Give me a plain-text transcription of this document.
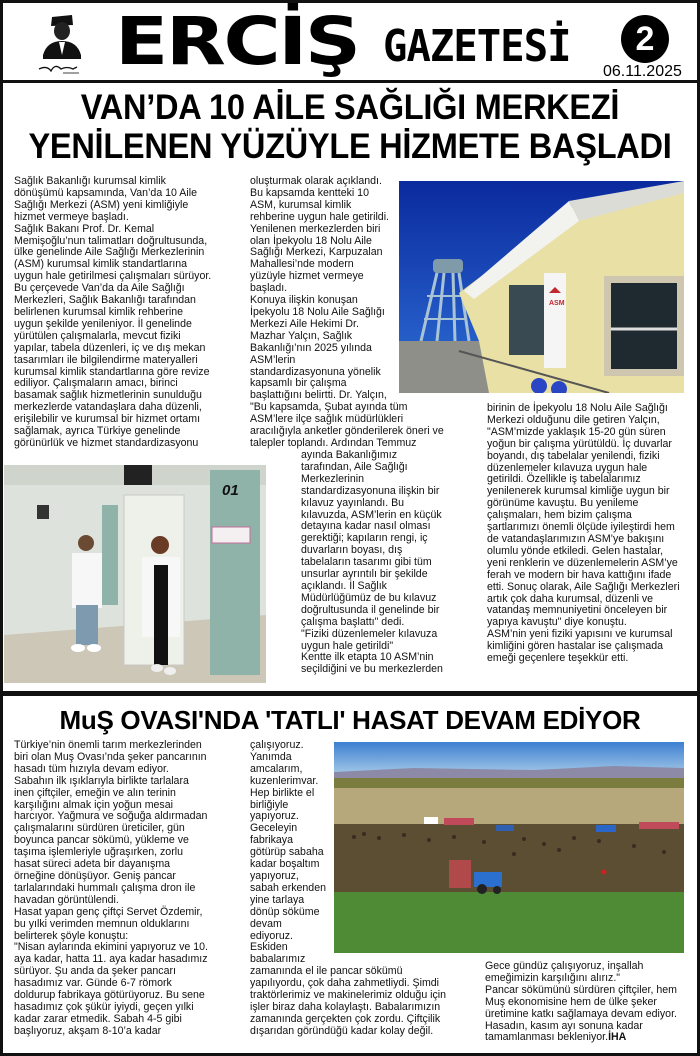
ERCİŞ GAZETESİ	2
06.11.2025
VAN’DA 10 AİLE SAĞLIĞI MERKEZİ
YENİLENEN YÜZÜYLE HİZMETE BAŞLADI

Sağlık Bakanlığı kurumsal kimlik

dönüşümü kapsamında, Van’da 10 Aile

Sağlığı Merkezi (ASM) yeni kimliğiyle

hizmet vermeye başladı.

Sağlık Bakanı Prof. Dr. Kemal

Memişoğlu’nun talimatları doğrultusunda,

ülke genelinde Aile Sağlığı Merkezlerinin

(ASM) kurumsal kimlik standartlarına

uygun hale getirilmesi çalışmaları sürüyor.

Bu çerçevede Van’da da Aile Sağlığı

Merkezleri, Sağlık Bakanlığı tarafından

belirlenen kurumsal kimlik rehberine

uygun şekilde yenileniyor. İl genelinde

yürütülen çalışmalarla, mevcut fiziki

yapılar, tabela düzenleri, iç ve dış mekan

tasarımları ile bilgilendirme materyalleri

kurumsal kimlik standartlarına göre revize

ediliyor. Çalışmaların amacı, birinci

basamak sağlık hizmetlerinin sunulduğu

merkezlerde vatandaşlara daha düzenli,

erişilebilir ve kurumsal bir hizmet ortamı

sağlamak, ayrıca Türkiye genelinde

görünürlük ve hizmet standardizasyonu

oluşturmak olarak açıklandı.

Bu kapsamda kentteki 10

ASM, kurumsal kimlik

rehberine uygun hale getirildi.

Yenilenen merkezlerden biri

olan İpekyolu 18 Nolu Aile

Sağlığı Merkezi, Karpuzalan

Mahallesi’nde modern

yüzüyle hizmet vermeye

başladı.

Konuya ilişkin konuşan

İpekyolu 18 Nolu Aile Sağlığı

Merkezi Aile Hekimi Dr.

Mazhar Yalçın, Sağlık

Bakanlığı’nın 2025 yılında

ASM’lerin

standardizasyonuna yönelik

kapsamlı bir çalışma

başlattığını belirtti. Dr. Yalçın,

"Bu kapsamda, Şubat ayında tüm

ASM’lere ilçe sağlık müdürlükleri

aracılığıyla anketler gönderilerek öneri ve

talepler toplandı. Ardından Temmuz

ayında Bakanlığımız

tarafından, Aile Sağlığı

Merkezlerinin

standardizasyonuna ilişkin bir

kılavuz yayınlandı. Bu

kılavuzda, ASM’lerin en küçük

detayına kadar nasıl olması

gerektiği; kapıların rengi, iç

duvarların boyası, dış

tabelaların tasarımı gibi tüm

unsurlar ayrıntılı bir şekilde

açıklandı. İl Sağlık

Müdürlüğümüz de bu kılavuz

doğrultusunda il genelinde bir

çalışma başlattı" dedi.

"Fiziki düzenlemeler kılavuza

uygun hale getirildi"

Kentte ilk etapta 10 ASM’nin

seçildiğini ve bu merkezlerden

birinin de İpekyolu 18 Nolu Aile Sağlığı

Merkezi olduğunu dile getiren Yalçın,

"ASM’mizde yaklaşık 15-20 gün süren

yoğun bir çalışma yürütüldü. İç duvarlar

boyandı, dış tabelalar yenilendi, fiziki

düzenlemeler kılavuza uygun hale

getirildi. Özellikle iş tabelalarımız

yenilenerek kurumsal kimliğe uygun bir

görünüme kavuştu. Bu yenileme

çalışmaları, hem bizim çalışma

şartlarımızı önemli ölçüde iyileştirdi hem

de vatandaşlarımızın ASM’ye bakışını

olumlu yönde etkiledi. Gelen hastalar,

yeni renklerin ve düzenlemelerin ASM’ye

ferah ve modern bir hava kattığını ifade

etti. Sonuç olarak, Aile Sağlığı Merkezleri

artık çok daha kurumsal, düzenli ve

vatandaş memnuniyetini önceleyen bir

yapıya kavuştu" diye konuştu.

ASM’nin yeni fiziki yapısını ve kurumsal

kimliğini gören hastalar ise çalışmada

emeği geçenlere teşekkür etti.

ASM
01
MuŞ OVASI'NDA 'TATLI' HASAT DEVAM EDİYOR

Türkiye’nin önemli tarım merkezlerinden

biri olan Muş Ovası’nda şeker pancarının

hasadı tüm hızıyla devam ediyor.

Sabahın ilk ışıklarıyla birlikte tarlalara

inen çiftçiler, emeğin ve alın terinin

karşılığını almak için yoğun mesai

harcıyor. Yağmura ve soğuğa aldırmadan

çalışmalarını sürdüren üreticiler, gün

boyunca pancar sökümü, yükleme ve

taşıma işlemleriyle uğraşırken, zorlu

hasat süreci adeta bir dayanışma

örneğine dönüşüyor. Geniş pancar

tarlalarındaki hummalı çalışma dron ile

havadan görüntülendi.

Hasat yapan genç çiftçi Servet Özdemir,

bu yılki verimden memnun olduklarını

belirterek şöyle konuştu:

"Nisan aylarında ekimini yapıyoruz ve 10.

aya kadar, hatta 11. aya kadar hasadımız

sürüyor. Şu anda da şeker pancarı

hasadımız var. Günde 6-7 römork

doldurup fabrikaya götürüyoruz. Bu sene

hasadımız çok şükür iyiydi, geçen yılki

kadar zarar etmedik. Sabah 4-5 gibi

başlıyoruz, akşam 8-10’a kadar

çalışıyoruz.

Yanımda

amcalarım,

kuzenlerimvar.

Hep birlikte el

birliğiyle

yapıyoruz.

Geceleyin

fabrikaya

götürüp sabaha

kadar boşaltım

yapıyoruz,

sabah erkenden

yine tarlaya

dönüp söküme

devam

ediyoruz.

Eskiden

babalarımız

zamanında el ile pancar sökümü

yapılıyordu, çok daha zahmetliydi. Şimdi

traktörlerimiz ve makinelerimiz olduğu için

işler biraz daha kolaylaştı. Babalarımızın

zamanında gerçekten çok zordu. Çiftçilik

dışarıdan göründüğü kadar kolay değil.

Gece gündüz çalışıyoruz, inşallah

emeğimizin karşılığını alırız."

Pancar sökümünü sürdüren çiftçiler, hem

Muş ekonomisine hem de ülke şeker

üretimine katkı sağlamaya devam ediyor.

Hasadın, kasım ayı sonuna kadar

tamamlanması bekleniyor.İHA
